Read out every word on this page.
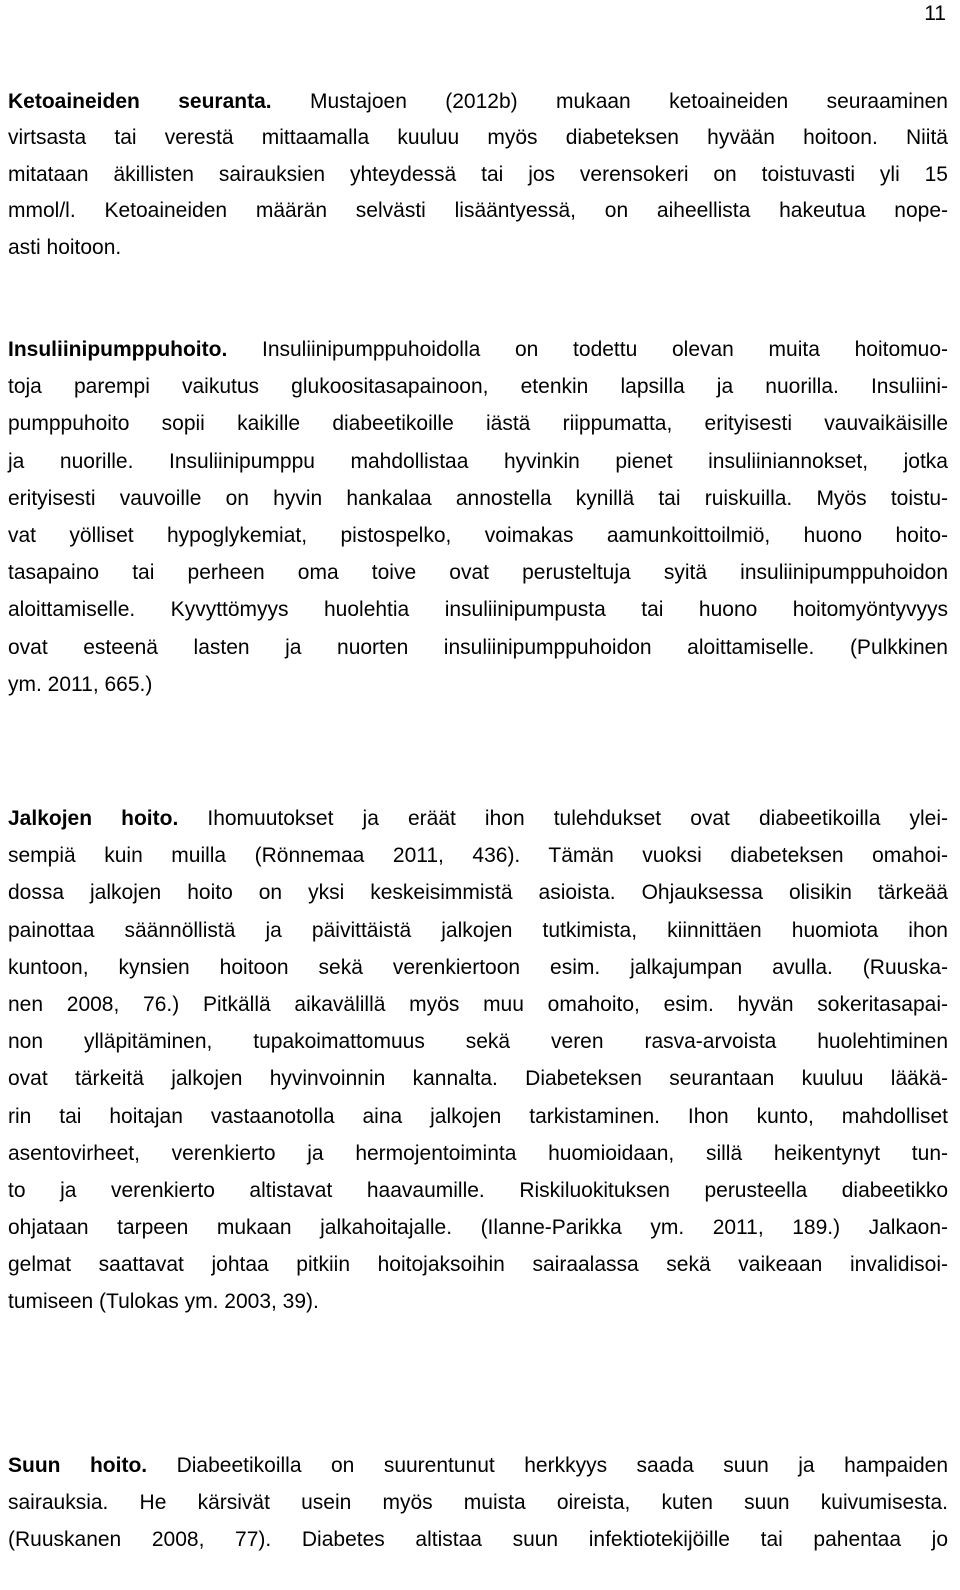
11
Ketoaineiden seuranta. Mustajoen (2012b) mukaan ketoaineiden seuraaminen
virtsasta tai verestä mittaamalla kuuluu myös diabeteksen hyvään hoitoon. Niitä
mitataan äkillisten sairauksien yhteydessä tai jos verensokeri on toistuvasti yli 15
mmol/l. Ketoaineiden määrän selvästi lisääntyessä, on aiheellista hakeutua nope-
asti hoitoon.
Insuliinipumppuhoito. Insuliinipumppuhoidolla on todettu olevan muita hoitomuo-
toja parempi vaikutus glukoositasapainoon, etenkin lapsilla ja nuorilla. Insuliini-
pumppuhoito sopii kaikille diabeetikoille iästä riippumatta, erityisesti vauvaikäisille
ja nuorille. Insuliinipumppu mahdollistaa hyvinkin pienet insuliiniannokset, jotka
erityisesti vauvoille on hyvin hankalaa annostella kynillä tai ruiskuilla. Myös toistu-
vat yölliset hypoglykemiat, pistospelko, voimakas aamunkoittoilmiö, huono hoito-
tasapaino tai perheen oma toive ovat perusteltuja syitä insuliinipumppuhoidon
aloittamiselle. Kyvyttömyys huolehtia insuliinipumpusta tai huono hoitomyöntyvyys
ovat esteenä lasten ja nuorten insuliinipumppuhoidon aloittamiselle. (Pulkkinen
ym. 2011, 665.)
Jalkojen hoito. Ihomuutokset ja eräät ihon tulehdukset ovat diabeetikoilla ylei-
sempiä kuin muilla (Rönnemaa 2011, 436). Tämän vuoksi diabeteksen omahoi-
dossa jalkojen hoito on yksi keskeisimmistä asioista. Ohjauksessa olisikin tärkeää
painottaa säännöllistä ja päivittäistä jalkojen tutkimista, kiinnittäen huomiota ihon
kuntoon, kynsien hoitoon sekä verenkiertoon esim. jalkajumpan avulla. (Ruuska-
nen 2008, 76.) Pitkällä aikavälillä myös muu omahoito, esim. hyvän sokeritasapai-
non ylläpitäminen, tupakoimattomuus sekä veren rasva-arvoista huolehtiminen
ovat tärkeitä jalkojen hyvinvoinnin kannalta. Diabeteksen seurantaan kuuluu lääkä-
rin tai hoitajan vastaanotolla aina jalkojen tarkistaminen. Ihon kunto, mahdolliset
asentovirheet, verenkierto ja hermojentoiminta huomioidaan, sillä heikentynyt tun-
to ja verenkierto altistavat haavaumille. Riskiluokituksen perusteella diabeetikko
ohjataan tarpeen mukaan jalkahoitajalle. (Ilanne-Parikka ym. 2011, 189.) Jalkaon-
gelmat saattavat johtaa pitkiin hoitojaksoihin sairaalassa sekä vaikeaan invalidisoi-
tumiseen (Tulokas ym. 2003, 39).
Suun hoito. Diabeetikoilla on suurentunut herkkyys saada suun ja hampaiden
sairauksia. He kärsivät usein myös muista oireista, kuten suun kuivumisesta.
(Ruuskanen 2008, 77). Diabetes altistaa suun infektiotekijöille tai pahentaa jo
